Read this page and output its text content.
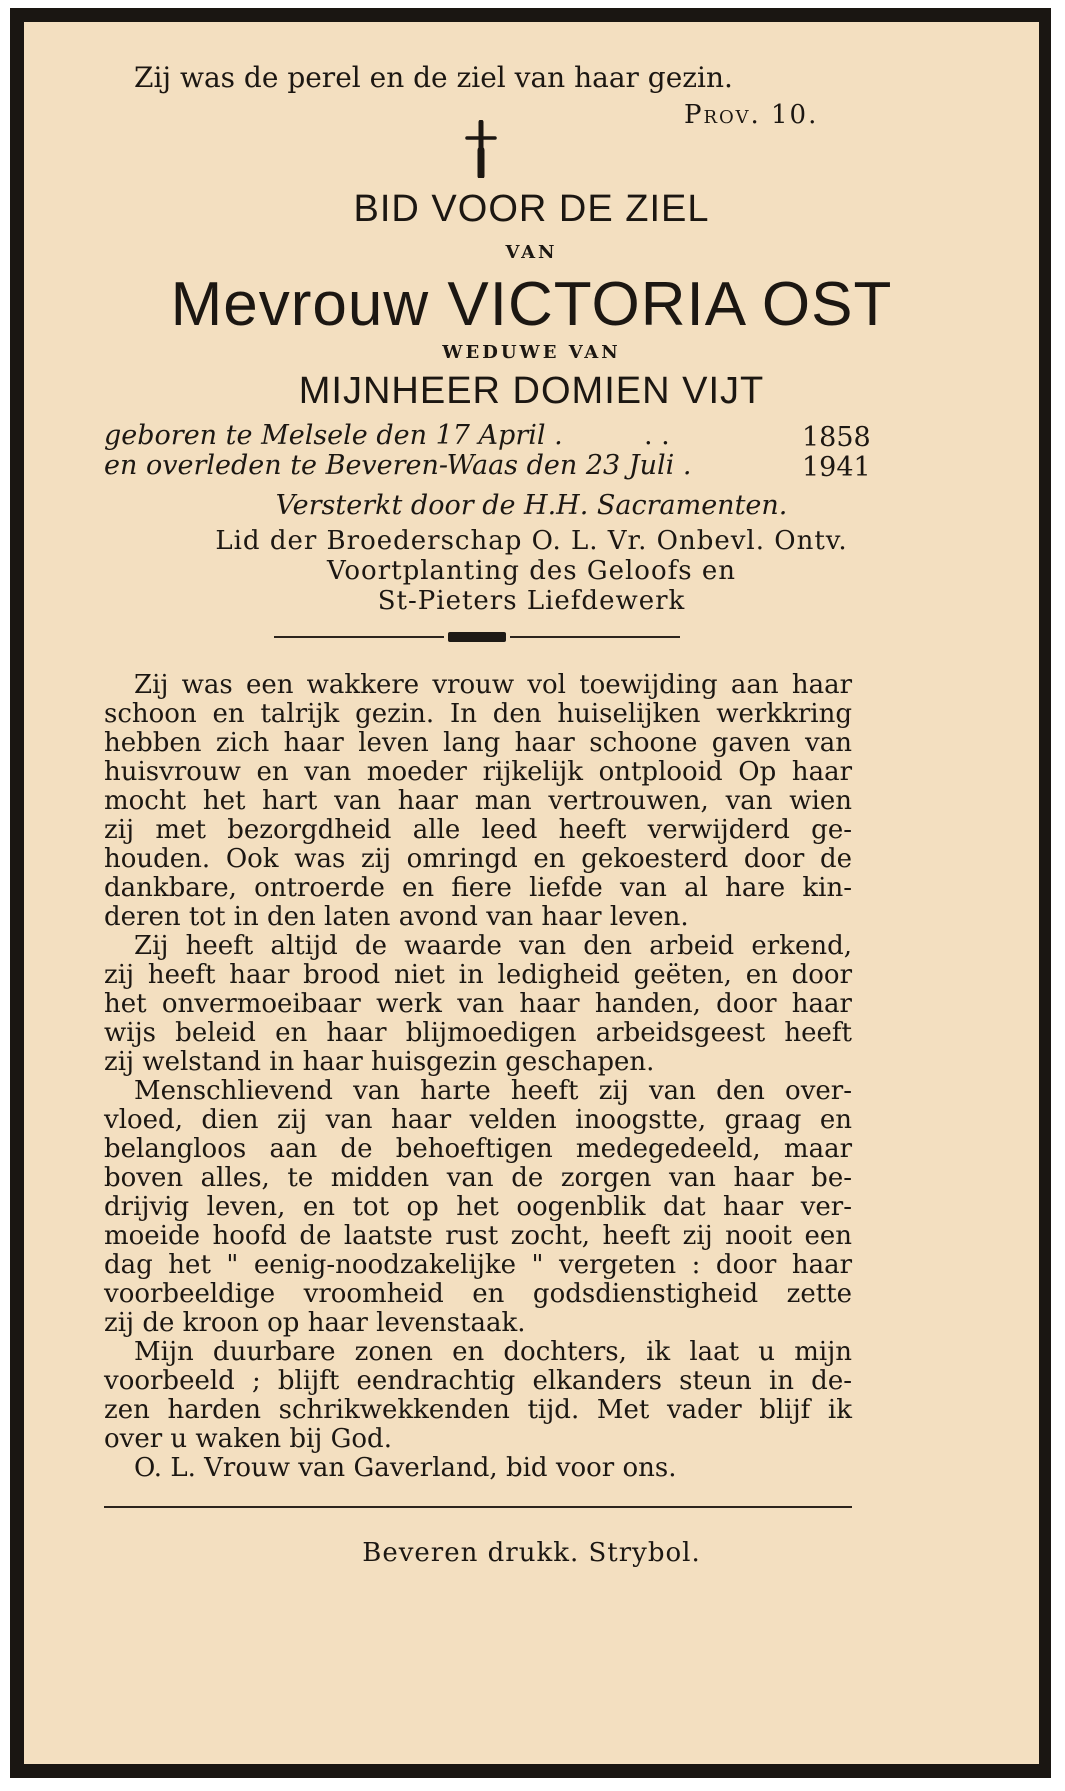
Zij was de perel en de ziel van haar gezin.
Prov. 10.
BID VOOR DE ZIEL
VAN
Mevrouw VICTORIA OST
WEDUWE VAN
MIJNHEER DOMIEN VIJT
geboren te Melsele den 17 April .	. .	1858
en overleden te Beveren-Waas den 23 Juli .	1941
Versterkt door de H.H. Sacramenten.
Lid der Broederschap O. L. Vr. Onbevl. Ontv.
Voortplanting des Geloofs en
St-Pieters Liefdewerk
Zij was een wakkere vrouw vol toewijding aan haar
schoon en talrijk gezin. In den huiselijken werkkring
hebben zich haar leven lang haar schoone gaven van
huisvrouw en van moeder rijkelijk ontplooid Op haar
mocht het hart van haar man vertrouwen, van wien
zij met bezorgdheid alle leed heeft verwijderd ge-
houden. Ook was zij omringd en gekoesterd door de
dankbare, ontroerde en fiere liefde van al hare kin-
deren tot in den laten avond van haar leven.
Zij heeft altijd de waarde van den arbeid erkend,
zij heeft haar brood niet in ledigheid geëten, en door
het onvermoeibaar werk van haar handen, door haar
wijs beleid en haar blijmoedigen arbeidsgeest heeft
zij welstand in haar huisgezin geschapen.
Menschlievend van harte heeft zij van den over-
vloed, dien zij van haar velden inoogstte, graag en
belangloos aan de behoeftigen medegedeeld, maar
boven alles, te midden van de zorgen van haar be-
drijvig leven, en tot op het oogenblik dat haar ver-
moeide hoofd de laatste rust zocht, heeft zij nooit een
dag het " eenig-noodzakelijke " vergeten : door haar
voorbeeldige vroomheid en godsdienstigheid zette
zij de kroon op haar levenstaak.
Mijn duurbare zonen en dochters, ik laat u mijn
voorbeeld ; blijft eendrachtig elkanders steun in de-
zen harden schrikwekkenden tijd. Met vader blijf ik
over u waken bij God.
O. L. Vrouw van Gaverland, bid voor ons.
Beveren drukk. Strybol.
